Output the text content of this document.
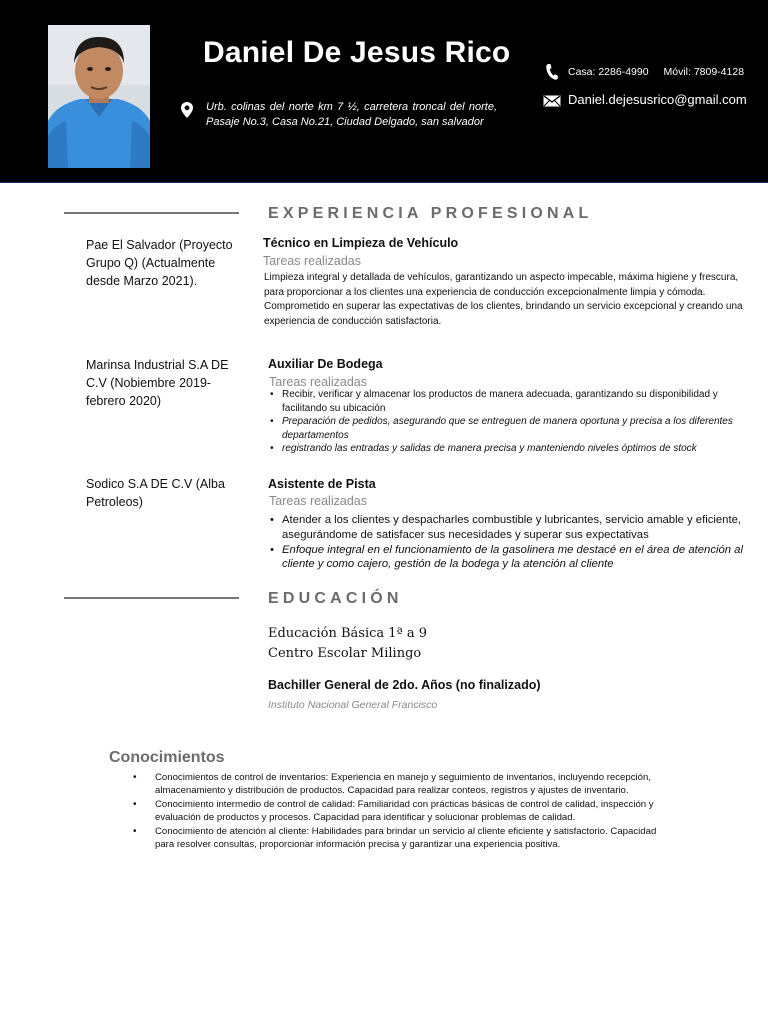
Daniel De Jesus Rico
Urb. colinas del norte km 7 ½, carretera troncal del norte, Pasaje No.3, Casa No.21, Ciudad Delgado, san salvador
Casa: 2286-4990 Móvil: 7809-4128
Daniel.dejesusrico@gmail.com
EXPERIENCIA PROFESIONAL
Pae El Salvador (Proyecto Grupo Q) (Actualmente desde Marzo 2021).
Técnico en Limpieza de Vehículo
Tareas realizadas
Limpieza integral y detallada de vehículos, garantizando un aspecto impecable, máxima higiene y frescura, para proporcionar a los clientes una experiencia de conducción excepcionalmente limpia y cómoda. Comprometido en superar las expectativas de los clientes, brindando un servicio excepcional y creando una experiencia de conducción satisfactoria.
Marinsa Industrial S.A DE C.V (Nobiembre 2019- febrero 2020)
Auxiliar De Bodega
Tareas realizadas
• Recibir, verificar y almacenar los productos de manera adecuada, garantizando su disponibilidad y facilitando su ubicación
• Preparación de pedidos, asegurando que se entreguen de manera oportuna y precisa a los diferentes departamentos
• registrando las entradas y salidas de manera precisa y manteniendo niveles óptimos de stock
Sodico S.A DE C.V (Alba Petroleos)
Asistente de Pista
Tareas realizadas
• Atender a los clientes y despacharles combustible y lubricantes, servicio amable y eficiente, asegurándome de satisfacer sus necesidades y superar sus expectativas
• Enfoque integral en el funcionamiento de la gasolinera me destacé en el área de atención al cliente y como cajero, gestión de la bodega y la atención al cliente
EDUCACIÓN
Educación Básica 1ª a 9
Centro Escolar Milingo
Bachiller General de 2do. Años (no finalizado)
Instituto Nacional General Francisco
Conocimientos
• Conocimientos de control de inventarios: Experiencia en manejo y seguimiento de inventarios, incluyendo recepción, almacenamiento y distribución de productos. Capacidad para realizar conteos, registros y ajustes de inventario.
• Conocimiento intermedio de control de calidad: Familiaridad con prácticas básicas de control de calidad, inspección y evaluación de productos y procesos. Capacidad para identificar y solucionar problemas de calidad.
• Conocimiento de atención al cliente: Habilidades para brindar un servicio al cliente eficiente y satisfactorio. Capacidad para resolver consultas, proporcionar información precisa y garantizar una experiencia positiva.
